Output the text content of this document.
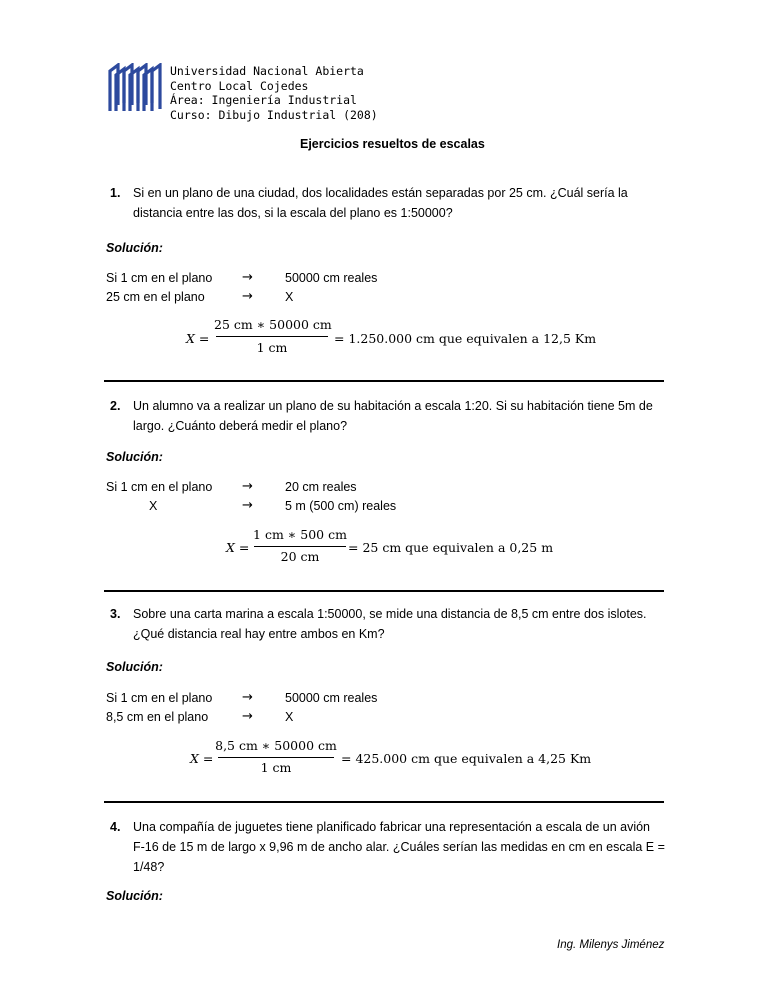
Universidad Nacional Abierta
Centro Local Cojedes
Área: Ingeniería Industrial
Curso: Dibujo Industrial (208)
Ejercicios resueltos de escalas
1. Si en un plano de una ciudad, dos localidades están separadas por 25 cm. ¿Cuál sería la
distancia entre las dos, si la escala del plano es 1:50000?
Solución:
Si 1 cm en el plano →	50000 cm reales
25 cm en el plano	→	X
X =
25 cm ∗ 50000 cm
1 cm
= 1.250.000 cm que equivalen a 12,5 Km
2. Un alumno va a realizar un plano de su habitación a escala 1:20. Si su habitación tiene 5m de
largo. ¿Cuánto deberá medir el plano?
Solución:
Si 1 cm en el plano →	20 cm reales
X	→	5 m (500 cm) reales
X =
1 cm ∗ 500 cm
20 cm
= 25 cm que equivalen a 0,25 m
3. Sobre una carta marina a escala 1:50000, se mide una distancia de 8,5 cm entre dos islotes.
¿Qué distancia real hay entre ambos en Km?
Solución:
Si 1 cm en el plano →	50000 cm reales
8,5 cm en el plano	→	X
X =
8,5 cm ∗ 50000 cm
1 cm
= 425.000 cm que equivalen a 4,25 Km
4. Una compañía de juguetes tiene planificado fabricar una representación a escala de un avión
F-16 de 15 m de largo x 9,96 m de ancho alar. ¿Cuáles serían las medidas en cm en escala E =
1/48?
Solución:
Ing. Milenys Jiménez
